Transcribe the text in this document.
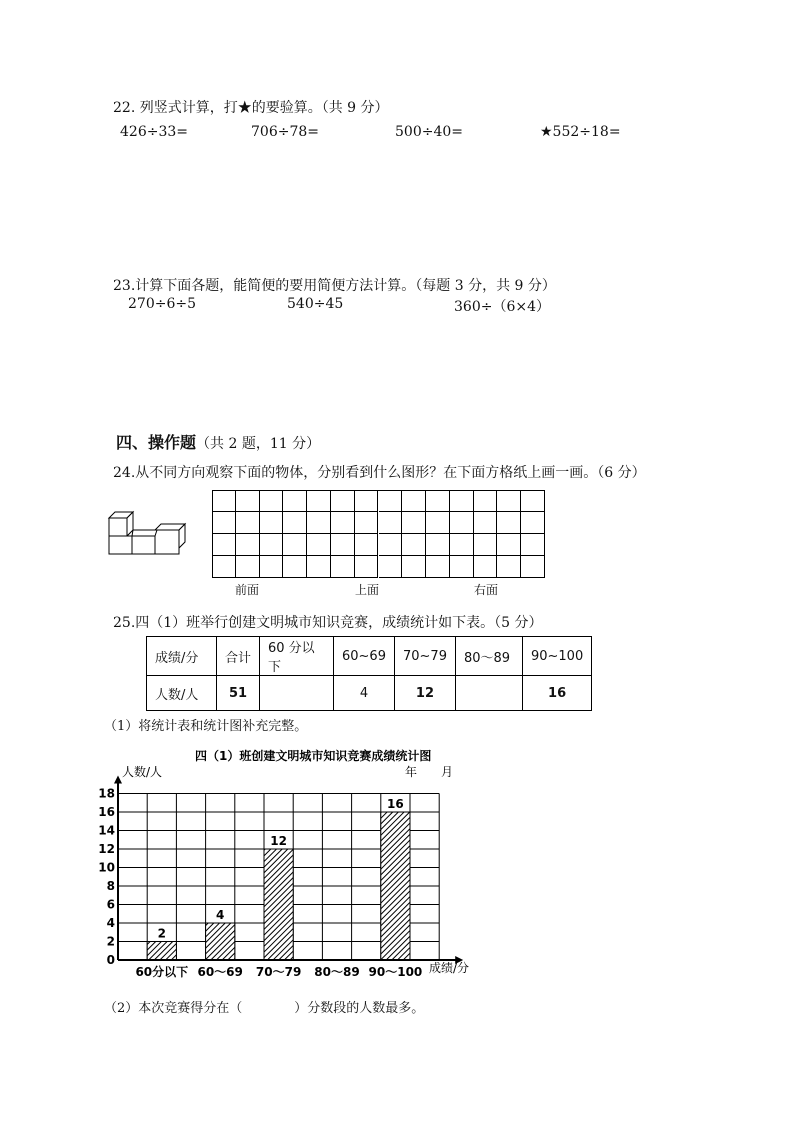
22. 列竖式计算，打★的要验算。（共 9 分）
426÷33=	706÷78=	500÷40=	★552÷18=
23.计算下面各题，能简便的要用简便方法计算。（每题 3 分，共 9 分）
270÷6÷5	540÷45	360÷（6×4）
四、操作题（共 2 题，11 分）
24.从不同方向观察下面的物体，分别看到什么图形？在下面方格纸上画一画。（6 分）
前面	上面	右面
25.四（1）班举行创建文明城市知识竞赛，成绩统计如下表。（5 分）
成绩/分	合计	60 分以下	60~69	70~79	80～89	90~100
人数/人	51		4	12		16
（1）将统计表和统计图补充完整。
四（1）班创建文明城市知识竞赛成绩统计图
年　　月
人数/人
成绩/分
0
2
4
6
8
10
12
14
16
18
60分以下
2
60～69
4
70～79
12
80～89 90～100
16
（2）本次竞赛得分在（　　　　）分数段的人数最多。
